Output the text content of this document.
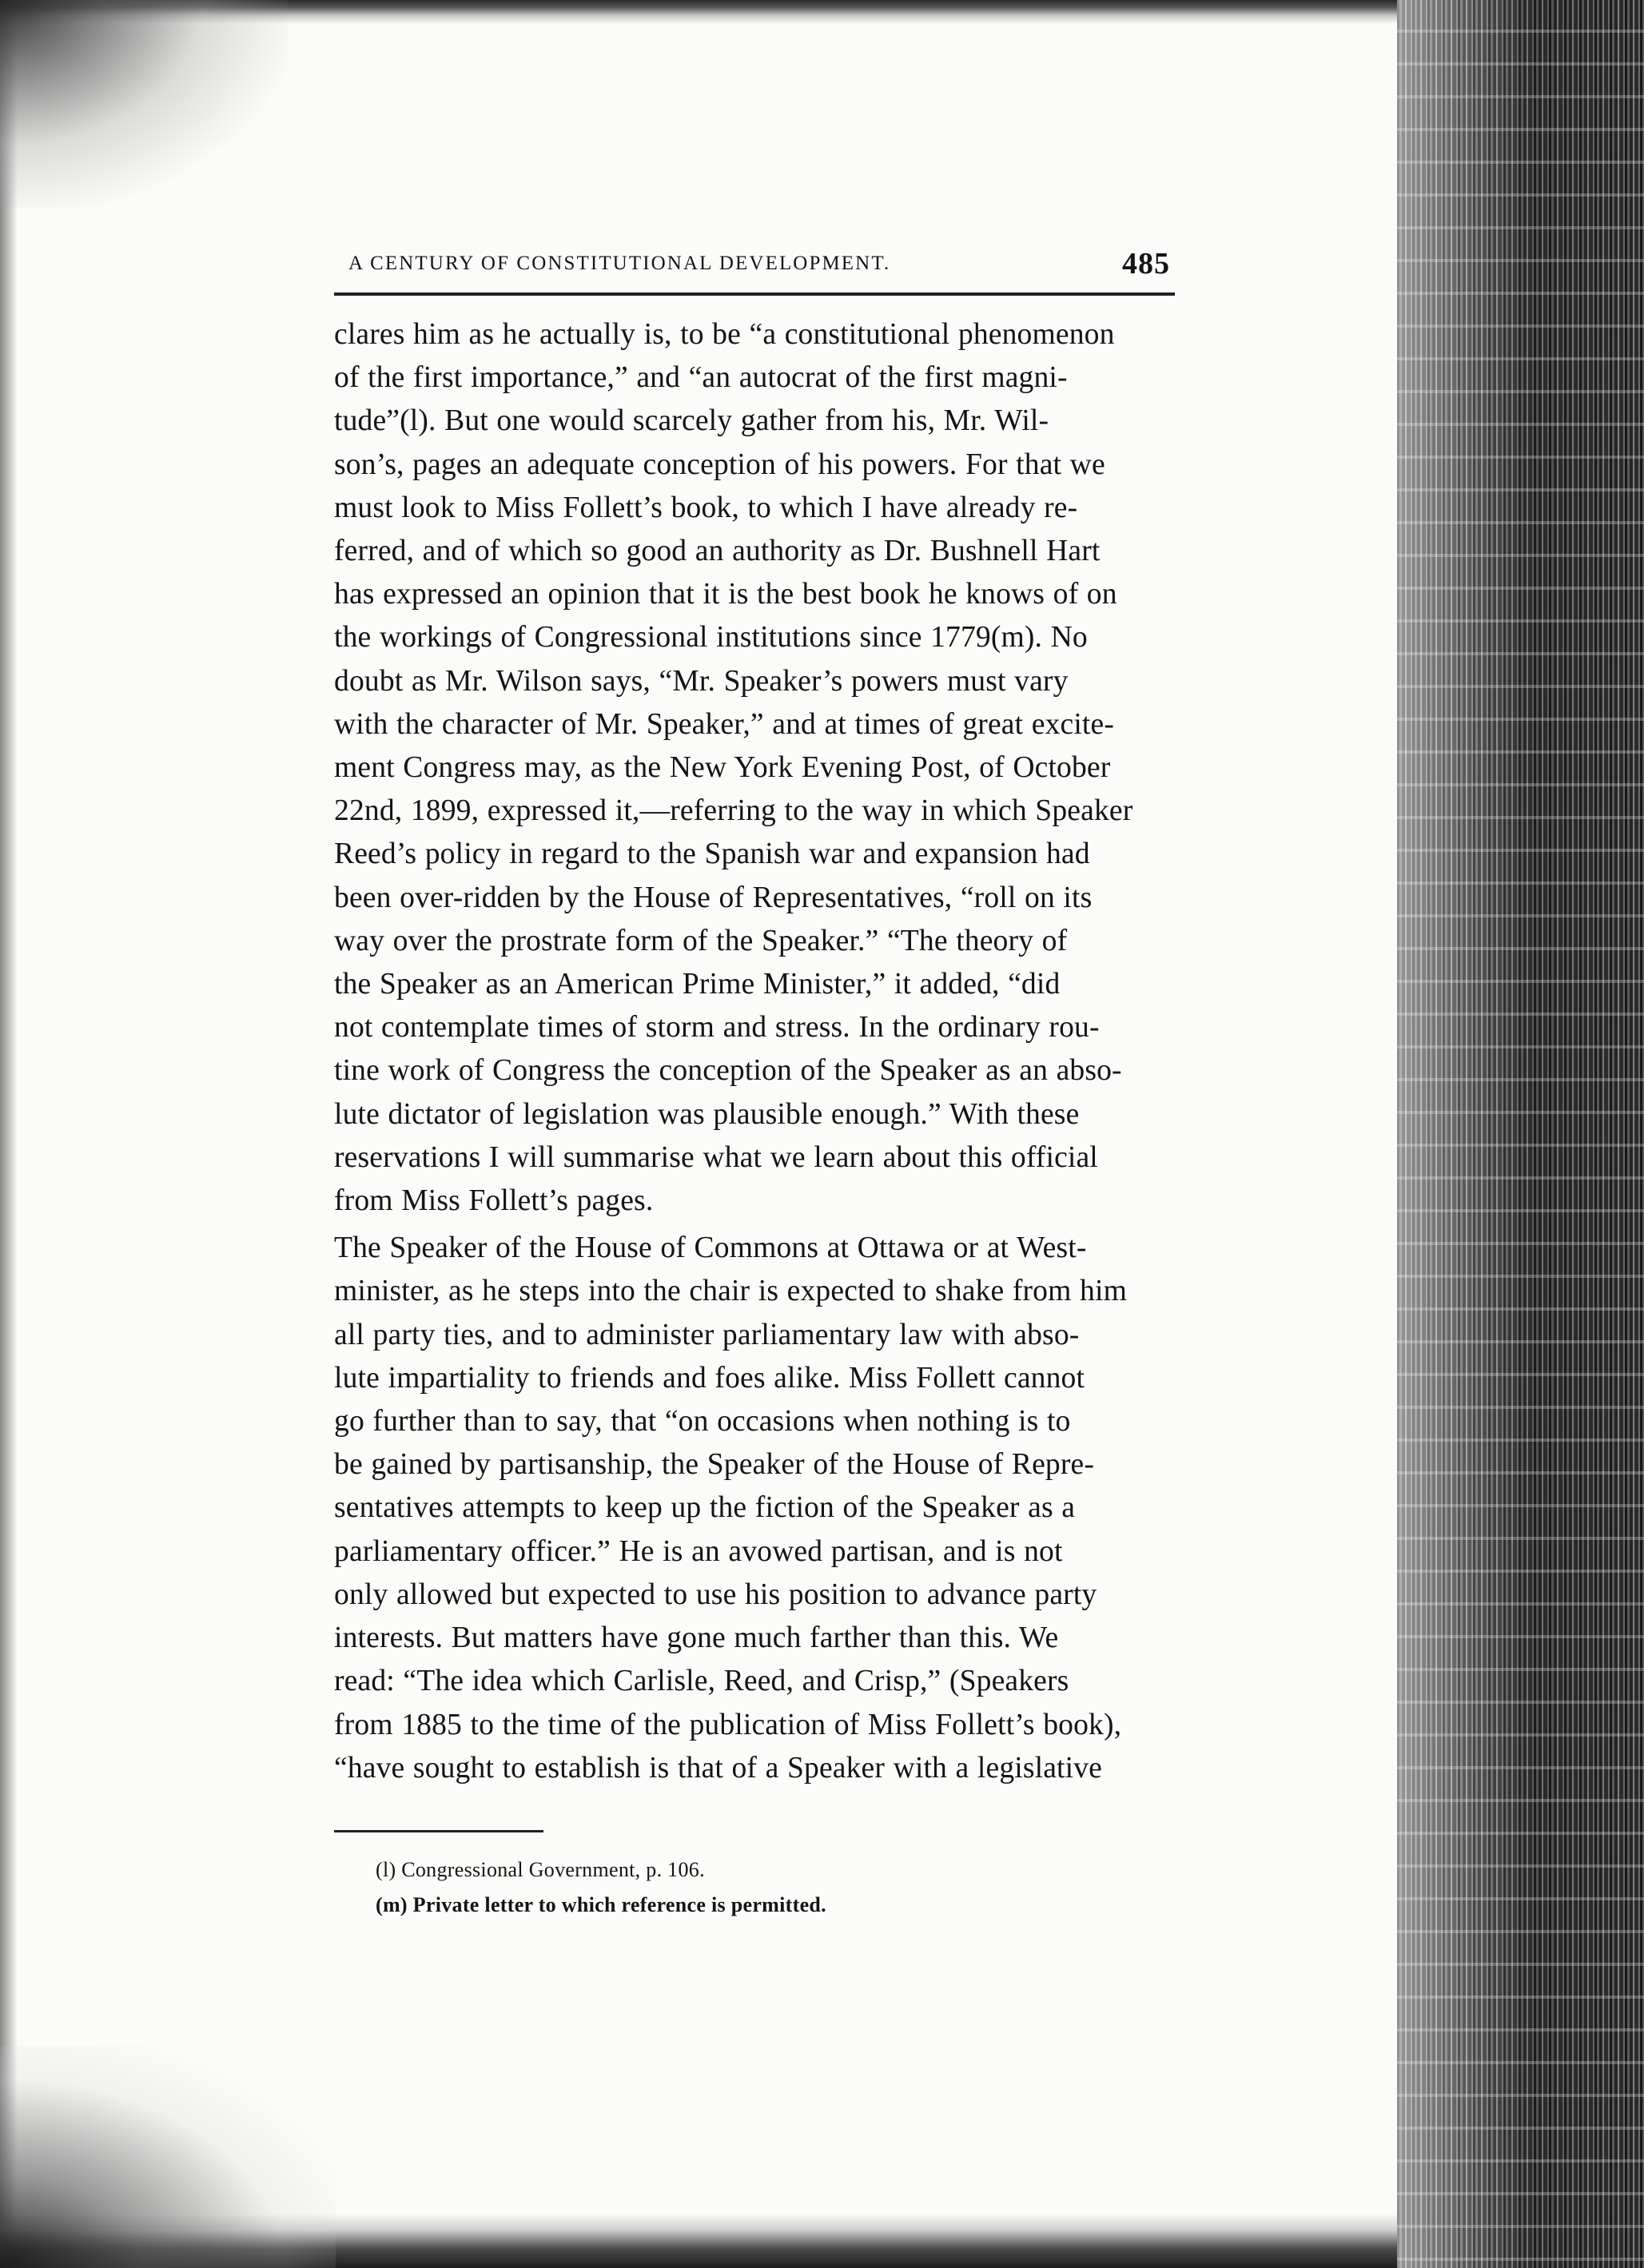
A CENTURY OF CONSTITUTIONAL DEVELOPMENT.	485

clares him as he actually is, to be “a constitutional phenomenon
of the first importance,” and “an autocrat of the first magni-
tude”(l). But one would scarcely gather from his, Mr. Wil-
son’s, pages an adequate conception of his powers. For that we
must look to Miss Follett’s book, to which I have already re-
ferred, and of which so good an authority as Dr. Bushnell Hart
has expressed an opinion that it is the best book he knows of on
the workings of Congressional institutions since 1779(m). No
doubt as Mr. Wilson says, “Mr. Speaker’s powers must vary
with the character of Mr. Speaker,” and at times of great excite-
ment Congress may, as the New York Evening Post, of October
22nd, 1899, expressed it,—referring to the way in which Speaker
Reed’s policy in regard to the Spanish war and expansion had
been over-ridden by the House of Representatives, “roll on its
way over the prostrate form of the Speaker.” “The theory of
the Speaker as an American Prime Minister,” it added, “did
not contemplate times of storm and stress. In the ordinary rou-
tine work of Congress the conception of the Speaker as an abso-
lute dictator of legislation was plausible enough.” With these
reservations I will summarise what we learn about this official
from Miss Follett’s pages.

The Speaker of the House of Commons at Ottawa or at West-
minister, as he steps into the chair is expected to shake from him
all party ties, and to administer parliamentary law with abso-
lute impartiality to friends and foes alike. Miss Follett cannot
go further than to say, that “on occasions when nothing is to
be gained by partisanship, the Speaker of the House of Repre-
sentatives attempts to keep up the fiction of the Speaker as a
parliamentary officer.” He is an avowed partisan, and is not
only allowed but expected to use his position to advance party
interests. But matters have gone much farther than this. We
read: “The idea which Carlisle, Reed, and Crisp,” (Speakers
from 1885 to the time of the publication of Miss Follett’s book),
“have sought to establish is that of a Speaker with a legislative

(l) Congressional Government, p. 106.

(m) Private letter to which reference is permitted.
